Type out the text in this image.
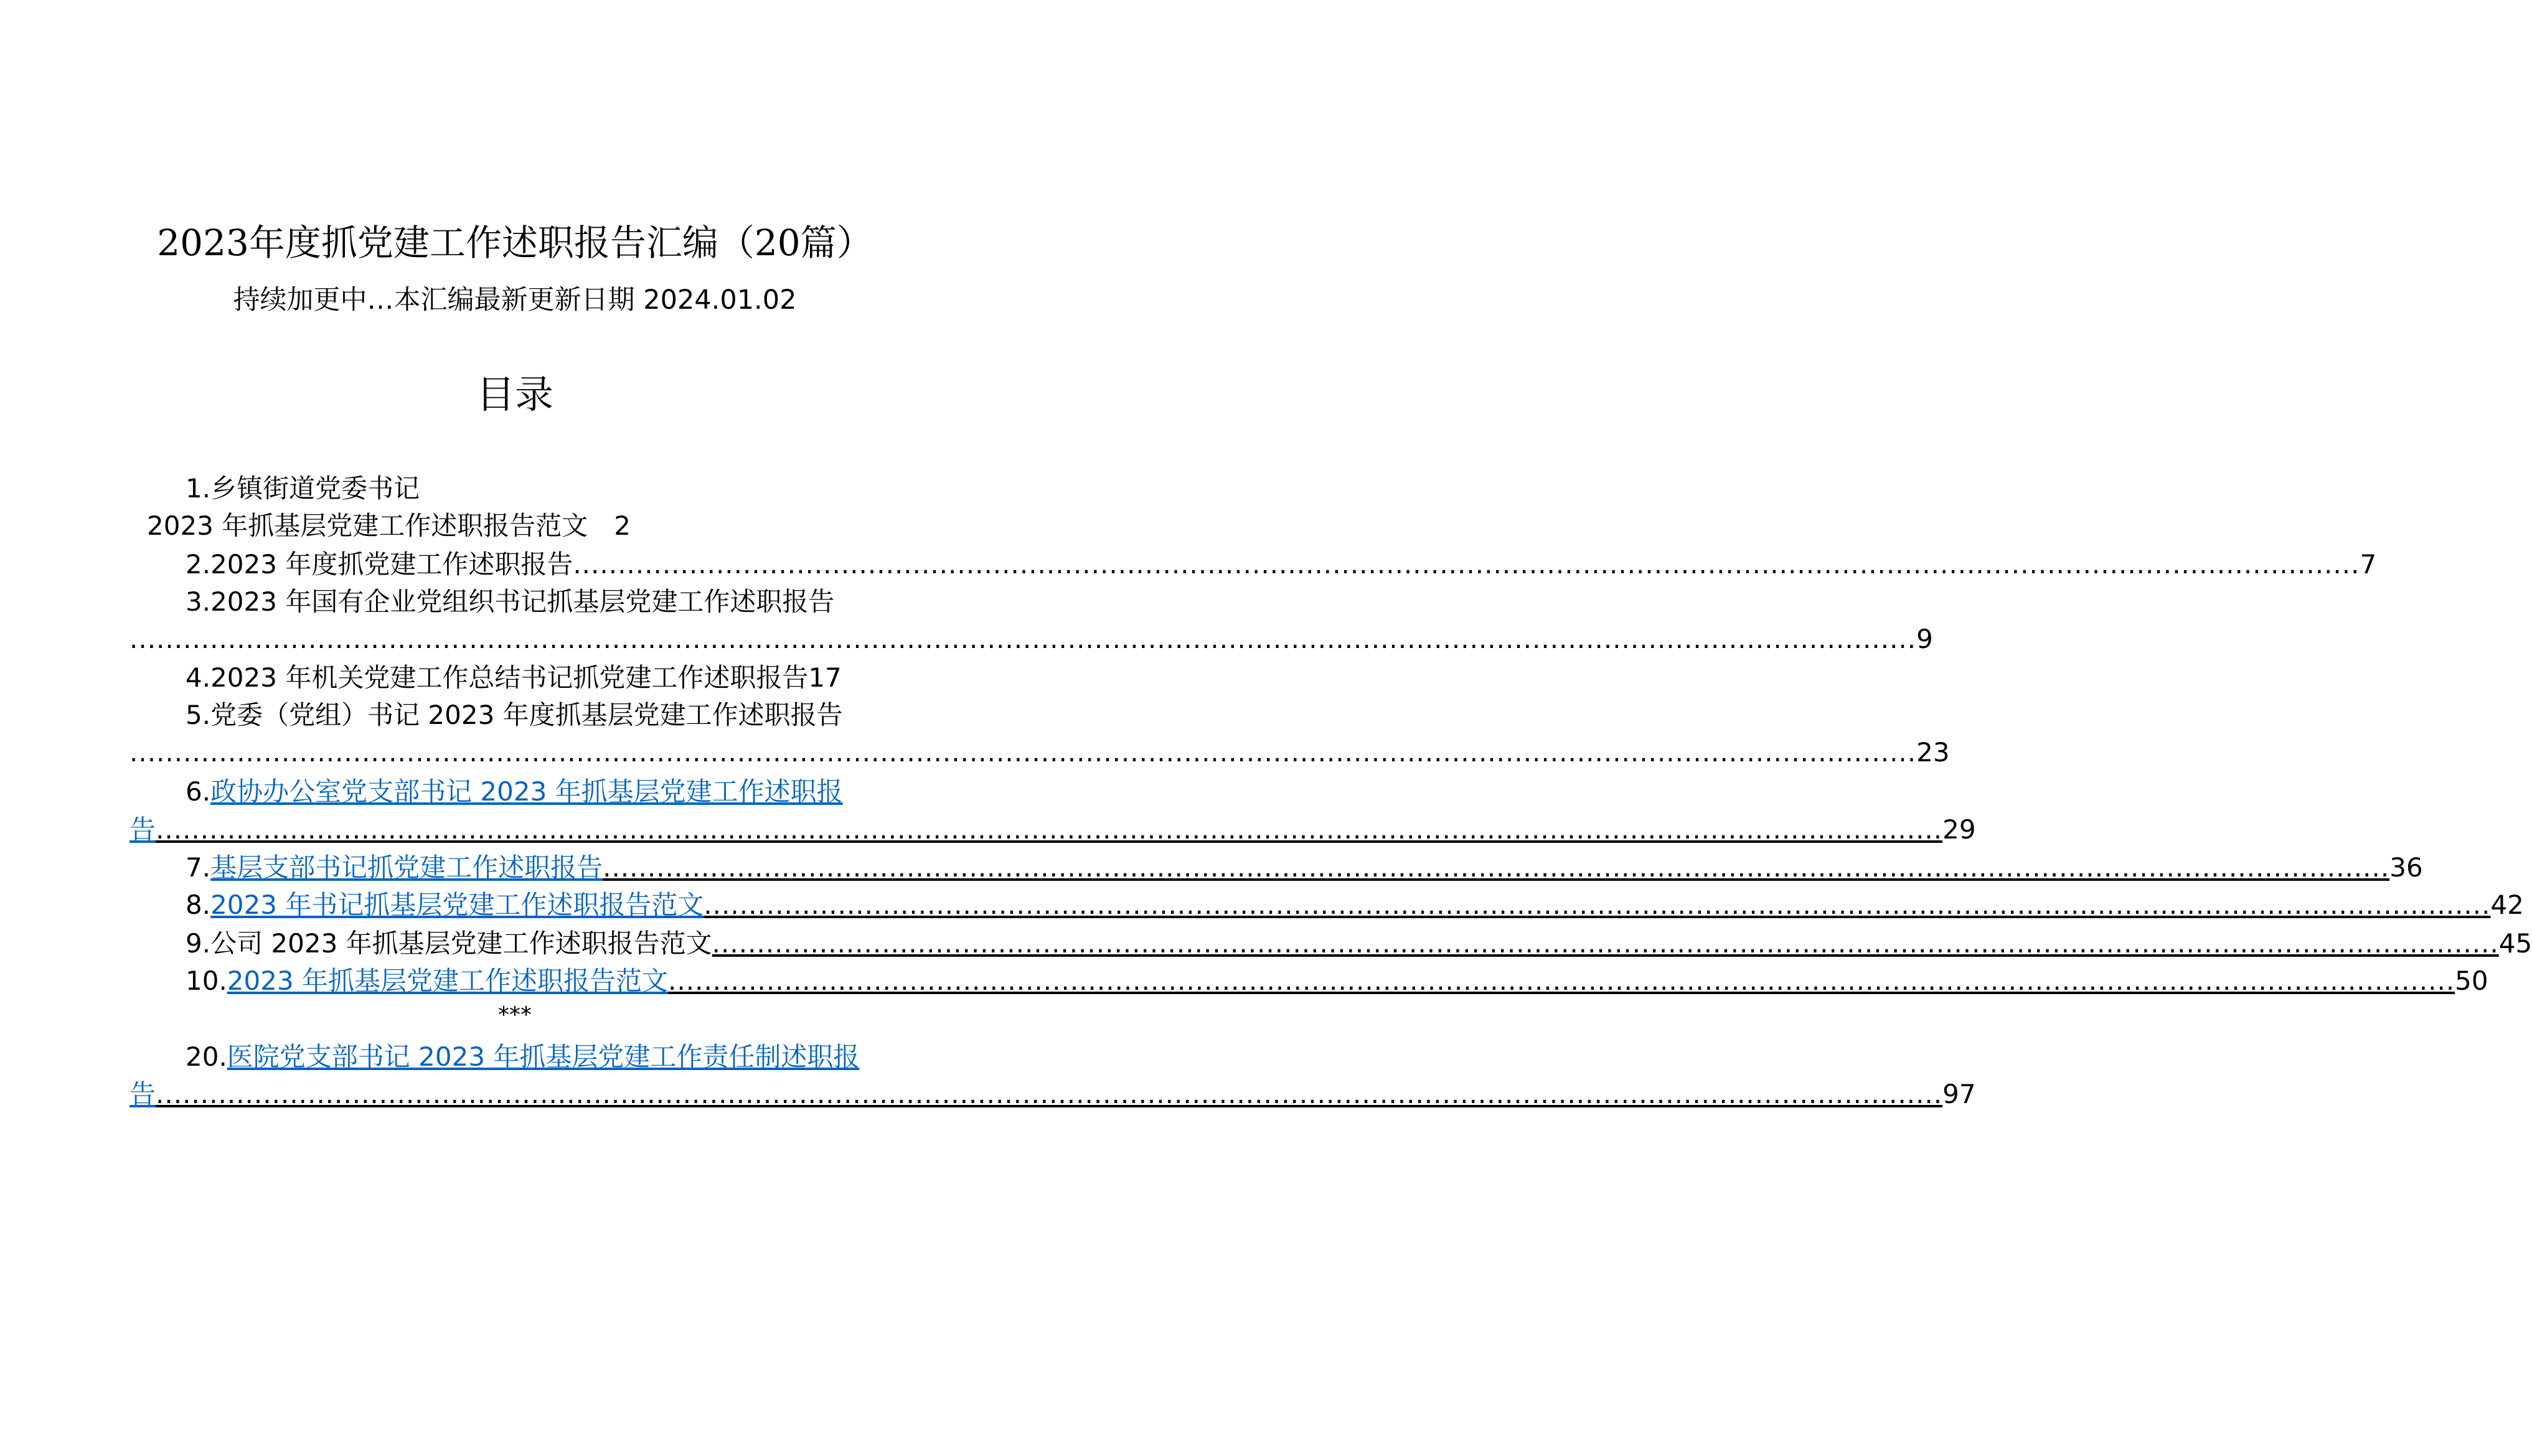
2023年度抓党建工作述职报告汇编（20篇）
持续加更中…本汇编最新更新日期 2024.01.02
目录
1. 乡镇街道党委书记
2023 年抓基层党建工作述职报告范文 2
2. 2023 年度抓党建工作述职报告 ........................................................................................................................................................................................................ 7
3. 2023 年国有企业党组织书记抓基层党建工作述职报告
........................................................................................................................................................................................................ 9
4. 2023 年机关党建工作总结书记抓党建工作述职报告 17
5. 党委（党组）书记 2023 年度抓基层党建工作述职报告
........................................................................................................................................................................................................ 23
6. 政协办公室党支部书记 2023 年抓基层党建工作述职报
告 ........................................................................................................................................................................................................ 29
7. 基层支部书记抓党建工作述职报告 ........................................................................................................................................................................................................ 36
8. 2023 年书记抓基层党建工作述职报告范文 ........................................................................................................................................................................................................ 42
9. 公司 2023 年抓基层党建工作述职报告范文 ........................................................................................................................................................................................................ 45
10. 2023 年抓基层党建工作述职报告范文 ........................................................................................................................................................................................................ 50
20. 医院党支部书记 2023 年抓基层党建工作责任制述职报
告 ........................................................................................................................................................................................................ 97
***
